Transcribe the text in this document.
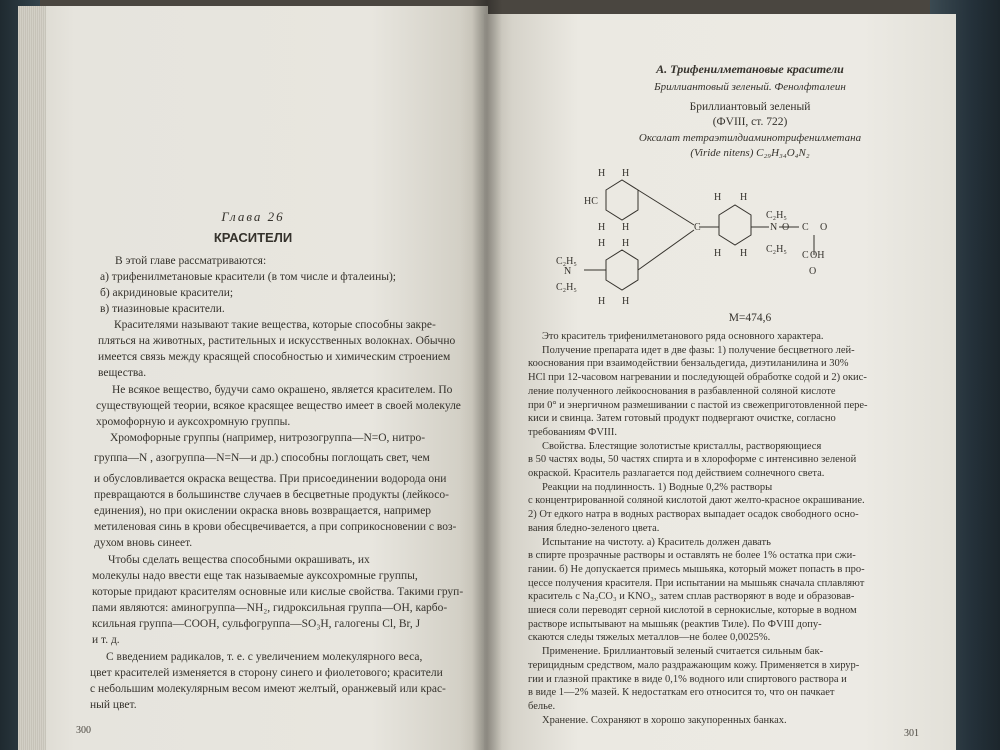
Глава 26
КРАСИТЕЛИ
В этой главе рассматриваются:
а) трифенилметановые красители (в том числе и фталеины);
б) акридиновые красители;
в) тиазиновые красители.
Красителями называют такие вещества, которые способны закре-
пляться на животных, растительных и искусственных волокнах. Обычно
имеется связь между красящей способностью и химическим строением
вещества.
Не всякое вещество, будучи само окрашено, является красителем. По
существующей теории, всякое красящее вещество имеет в своей молекуле
хромофорную и ауксохромную группы.
Хромофорные группы (например, нитрозогруппа—N=O, нитро-
группа—N , азогруппа—N=N—и др.) способны поглощать свет, чем
и обусловливается окраска вещества. При присоединении водорода они
превращаются в большинстве случаев в бесцветные продукты (лейкосо-
единения), но при окислении окраска вновь возвращается, например
метиленовая синь в крови обесцвечивается, а при соприкосновении с воз-
духом вновь синеет.
Чтобы сделать вещества способными окрашивать, их
молекулы надо ввести еще так называемые ауксохромные группы,
которые придают красителям основные или кислые свойства. Такими груп-
пами являются: аминогруппа—NH₂, гидроксильная группа—OH, карбо-
ксильная группа—COOH, сульфогруппа—SO₃H, галогены Cl, Br, J
и т. д.
С введением радикалов, т. е. с увеличением молекулярного веса,
цвет красителей изменяется в сторону синего и фиолетового; красители
с небольшим молекулярным весом имеют желтый, оранжевый или крас-
ный цвет.
300
А. Трифенилметановые красители
Бриллиантовый зеленый. Фенолфталеин
Бриллиантовый зеленый
(ФVIII, ст. 722)
Оксалат тетраэтилдиаминотрифенилметана
(Viride nitens) C₂₉H₃₄O₄N₂
H H
HC
H H
H H
C₂H₅
N
C₂H₅
H H
C
H H
H H
C₂H₅
N
C₂H₅
O C O
C OH
O
M=474,6
Это краситель трифенилметанового ряда основного характера.
Получение препарата идет в две фазы: 1) получение бесцветного лей-
кооснования при взаимодействии бензальдегида, диэтиланилина и 30%
HCl при 12-часовом нагревании и последующей обработке содой и 2) окис-
ление полученного лейкооснования в разбавленной соляной кислоте
при 0° и энергичном размешивании с пастой из свежеприготовленной пере-
киси и свинца. Затем готовый продукт подвергают очистке, согласно
требованиям ФVIII.
Свойства. Блестящие золотистые кристаллы, растворяющиеся
в 50 частях воды, 50 частях спирта и в хлороформе с интенсивно зеленой
окраской. Краситель разлагается под действием солнечного света.
Реакции на подлинность. 1) Водные 0,2% растворы
с концентрированной соляной кислотой дают желто-красное окрашивание.
2) От едкого натра в водных растворах выпадает осадок свободного осно-
вания бледно-зеленого цвета.
Испытание на чистоту. а) Краситель должен давать
в спирте прозрачные растворы и оставлять не более 1% остатка при сжи-
гании. б) Не допускается примесь мышьяка, который может попасть в про-
цессе получения красителя. При испытании на мышьяк сначала сплавляют
краситель с Na₂CO₃ и KNO₃, затем сплав растворяют в воде и образовав-
шиеся соли переводят серной кислотой в сернокислые, которые в водном
растворе испытывают на мышьяк (реактив Тиле). По ФVIII допу-
скаются следы тяжелых металлов—не более 0,0025%.
Применение. Бриллиантовый зеленый считается сильным бак-
терицидным средством, мало раздражающим кожу. Применяется в хирур-
гии и глазной практике в виде 0,1% водного или спиртового раствора и
в виде 1—2% мазей. К недостаткам его относится то, что он пачкает
белье.
Хранение. Сохраняют в хорошо закупоренных банках.
301
